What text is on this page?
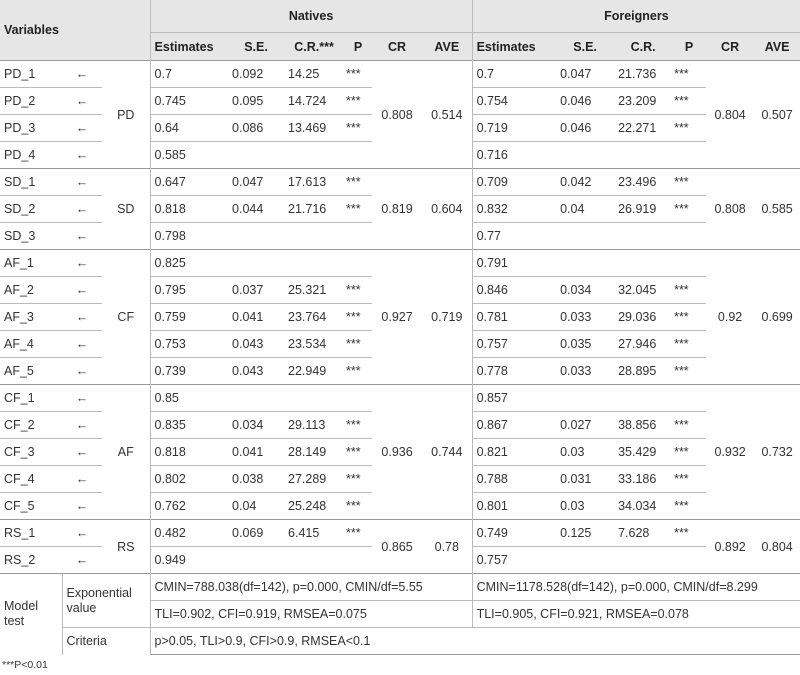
Variables			Natives						Foreigners					
			Estimates	S.E.	C.R.***	P	CR	AVE	Estimates	S.E.	C.R.	P	CR	AVE
PD_1	←	PD	0.7	0.092	14.25	***	0.808	0.514	0.7	0.047	21.736	***	0.804	0.507
PD_2	←		0.745	0.095	14.724	***			0.754	0.046	23.209	***		
PD_3	←		0.64	0.086	13.469	***			0.719	0.046	22.271	***		
PD_4	←		0.585						0.716					
SD_1	←	SD	0.647	0.047	17.613	***	0.819	0.604	0.709	0.042	23.496	***	0.808	0.585
SD_2	←		0.818	0.044	21.716	***			0.832	0.04	26.919	***		
SD_3	←		0.798						0.77					
AF_1	←	CF	0.825				0.927	0.719	0.791				0.92	0.699
AF_2	←		0.795	0.037	25.321	***			0.846	0.034	32.045	***		
AF_3	←		0.759	0.041	23.764	***			0.781	0.033	29.036	***		
AF_4	←		0.753	0.043	23.534	***			0.757	0.035	27.946	***		
AF_5	←		0.739	0.043	22.949	***			0.778	0.033	28.895	***		
CF_1	←	AF	0.85				0.936	0.744	0.857				0.932	0.732
CF_2	←		0.835	0.034	29.113	***			0.867	0.027	38.856	***		
CF_3	←		0.818	0.041	28.149	***			0.821	0.03	35.429	***		
CF_4	←		0.802	0.038	27.289	***			0.788	0.031	33.186	***		
CF_5	←		0.762	0.04	25.248	***			0.801	0.03	34.034	***		
RS_1	←	RS	0.482	0.069	6.415	***	0.865	0.78	0.749	0.125	7.628	***	0.892	0.804
RS_2	←		0.949						0.757					
Model test	Exponential value		CMIN=788.038(df=142), p=0.000, CMIN/df=5.55						CMIN=1178.528(df=142), p=0.000, CMIN/df=8.299					
			TLI=0.902, CFI=0.919, RMSEA=0.075						TLI=0.905, CFI=0.921, RMSEA=0.078					
	Criteria		p>0.05, TLI>0.9, CFI>0.9, RMSEA<0.1											
***P<0.01
